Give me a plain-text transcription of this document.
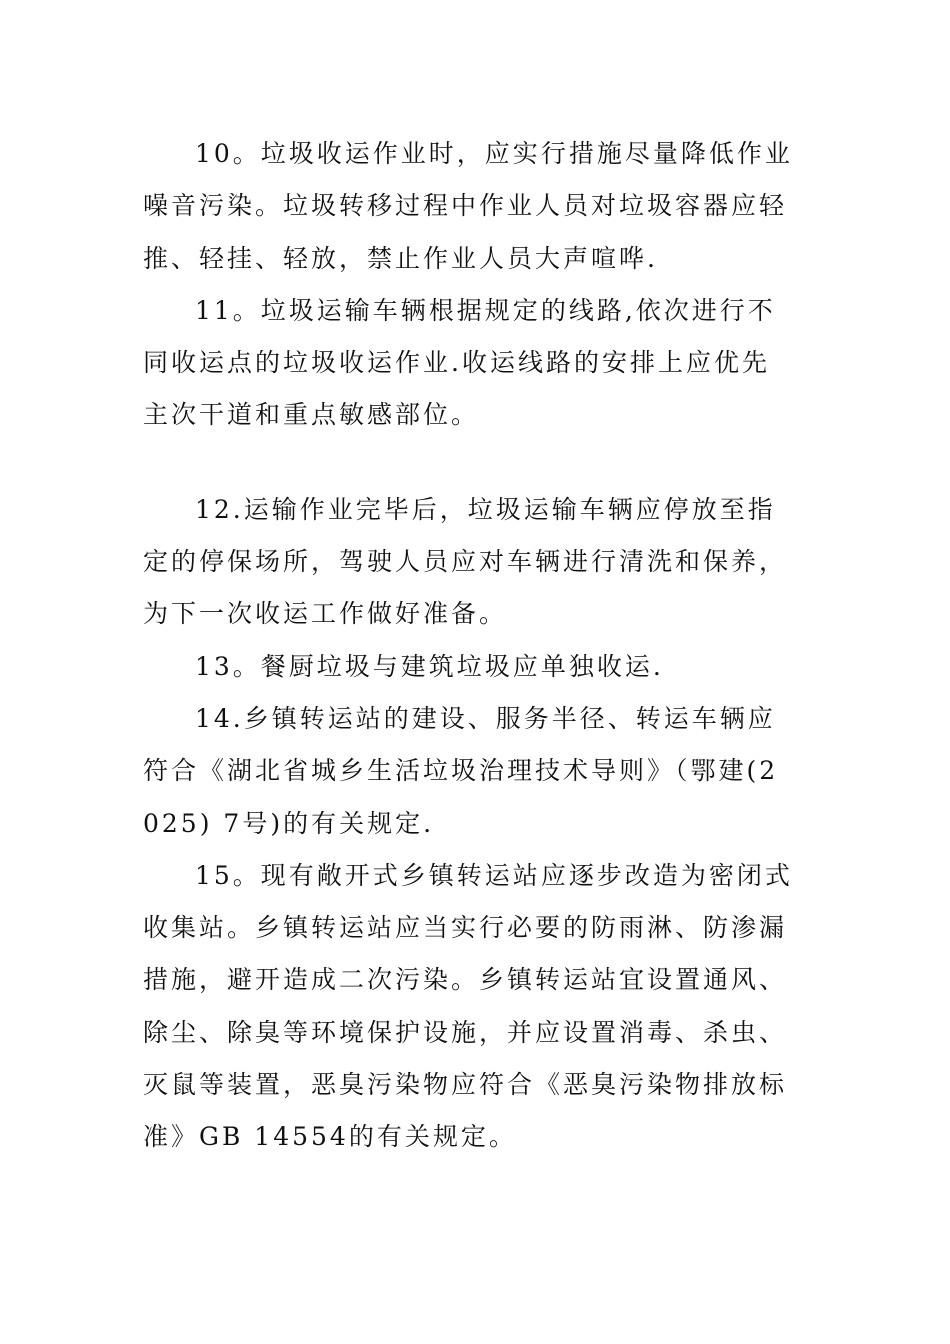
10。垃圾收运作业时，应实行措施尽量降低作业噪音污染。垃圾转移过程中作业人员对垃圾容器应轻推、轻挂、轻放，禁止作业人员大声喧哗.

11。垃圾运输车辆根据规定的线路,依次进行不同收运点的垃圾收运作业.收运线路的安排上应优先主次干道和重点敏感部位。

12.运输作业完毕后，垃圾运输车辆应停放至指定的停保场所，驾驶人员应对车辆进行清洗和保养，为下一次收运工作做好准备。

13。餐厨垃圾与建筑垃圾应单独收运.

14.乡镇转运站的建设、服务半径、转运车辆应符合《湖北省城乡生活垃圾治理技术导则》（鄂建(2025) 7号)的有关规定.

15。现有敞开式乡镇转运站应逐步改造为密闭式收集站。乡镇转运站应当实行必要的防雨淋、防渗漏措施，避开造成二次污染。乡镇转运站宜设置通风、除尘、除臭等环境保护设施，并应设置消毒、杀虫、灭鼠等装置，恶臭污染物应符合《恶臭污染物排放标准》GB 14554的有关规定。
